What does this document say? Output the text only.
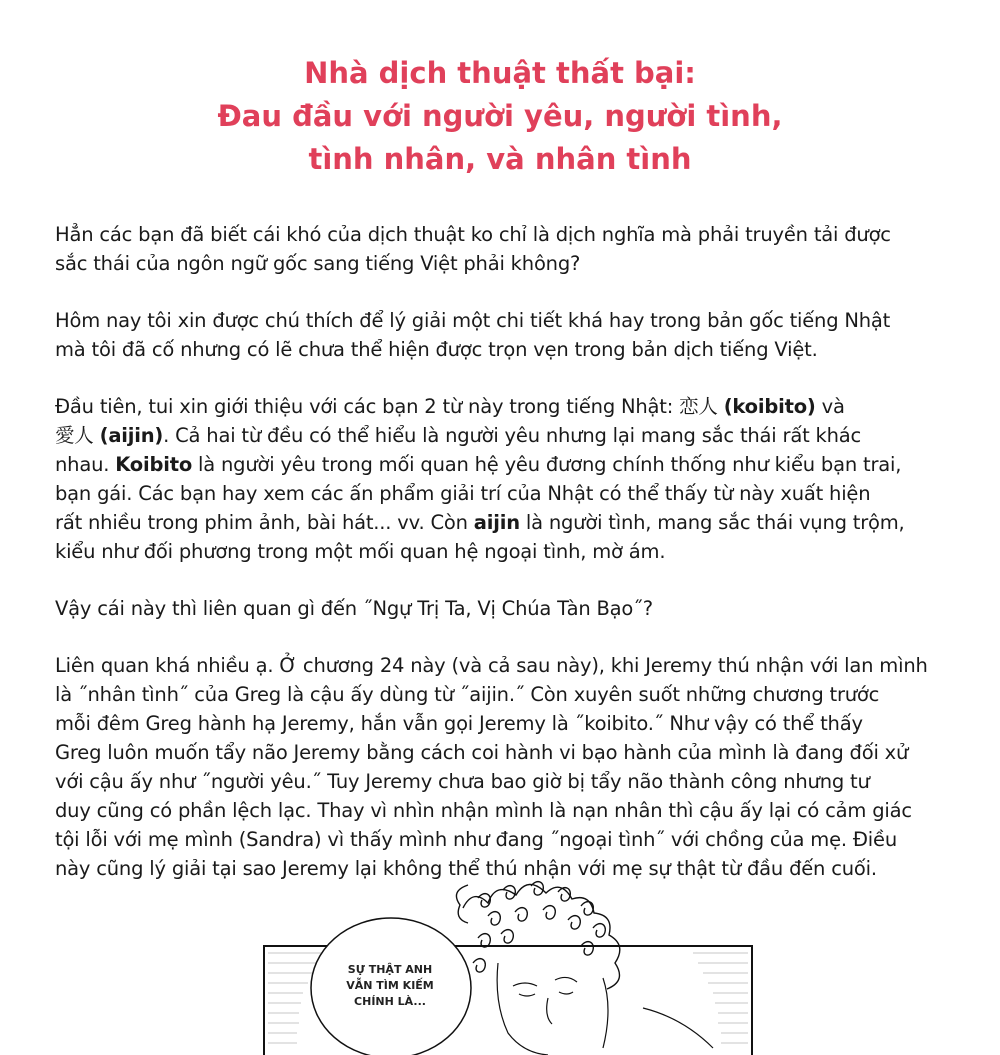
Nhà dịch thuật thất bại:
Đau đầu với người yêu, người tình,
tình nhân, và nhân tình
Hẳn các bạn đã biết cái khó của dịch thuật ko chỉ là dịch nghĩa mà phải truyền tải được
sắc thái của ngôn ngữ gốc sang tiếng Việt phải không?
Hôm nay tôi xin được chú thích để lý giải một chi tiết khá hay trong bản gốc tiếng Nhật
mà tôi đã cố nhưng có lẽ chưa thể hiện được trọn vẹn trong bản dịch tiếng Việt.
Đầu tiên, tui xin giới thiệu với các bạn 2 từ này trong tiếng Nhật: 恋人 (koibito) và
愛人 (aijin). Cả hai từ đều có thể hiểu là người yêu nhưng lại mang sắc thái rất khác
nhau. Koibito là người yêu trong mối quan hệ yêu đương chính thống như kiểu bạn trai,
bạn gái. Các bạn hay xem các ấn phẩm giải trí của Nhật có thể thấy từ này xuất hiện
rất nhiều trong phim ảnh, bài hát... vv. Còn aijin là người tình, mang sắc thái vụng trộm,
kiểu như đối phương trong một mối quan hệ ngoại tình, mờ ám.
Vậy cái này thì liên quan gì đến ˝Ngự Trị Ta, Vị Chúa Tàn Bạo˝?
Liên quan khá nhiều ạ. Ở chương 24 này (và cả sau này), khi Jeremy thú nhận với lan mình
là ˝nhân tình˝ của Greg là cậu ấy dùng từ ˝aijin.˝ Còn xuyên suốt những chương trước
mỗi đêm Greg hành hạ Jeremy, hắn vẫn gọi Jeremy là ˝koibito.˝ Như vậy có thể thấy
Greg luôn muốn tẩy não Jeremy bằng cách coi hành vi bạo hành của mình là đang đối xử
với cậu ấy như ˝người yêu.˝ Tuy Jeremy chưa bao giờ bị tẩy não thành công nhưng tư
duy cũng có phần lệch lạc. Thay vì nhìn nhận mình là nạn nhân thì cậu ấy lại có cảm giác
tội lỗi với mẹ mình (Sandra) vì thấy mình như đang ˝ngoại tình˝ với chồng của mẹ. Điều
này cũng lý giải tại sao Jeremy lại không thể thú nhận với mẹ sự thật từ đầu đến cuối.
SỰ THẬT ANH
VẪN TÌM KIẾM
CHÍNH LÀ...
